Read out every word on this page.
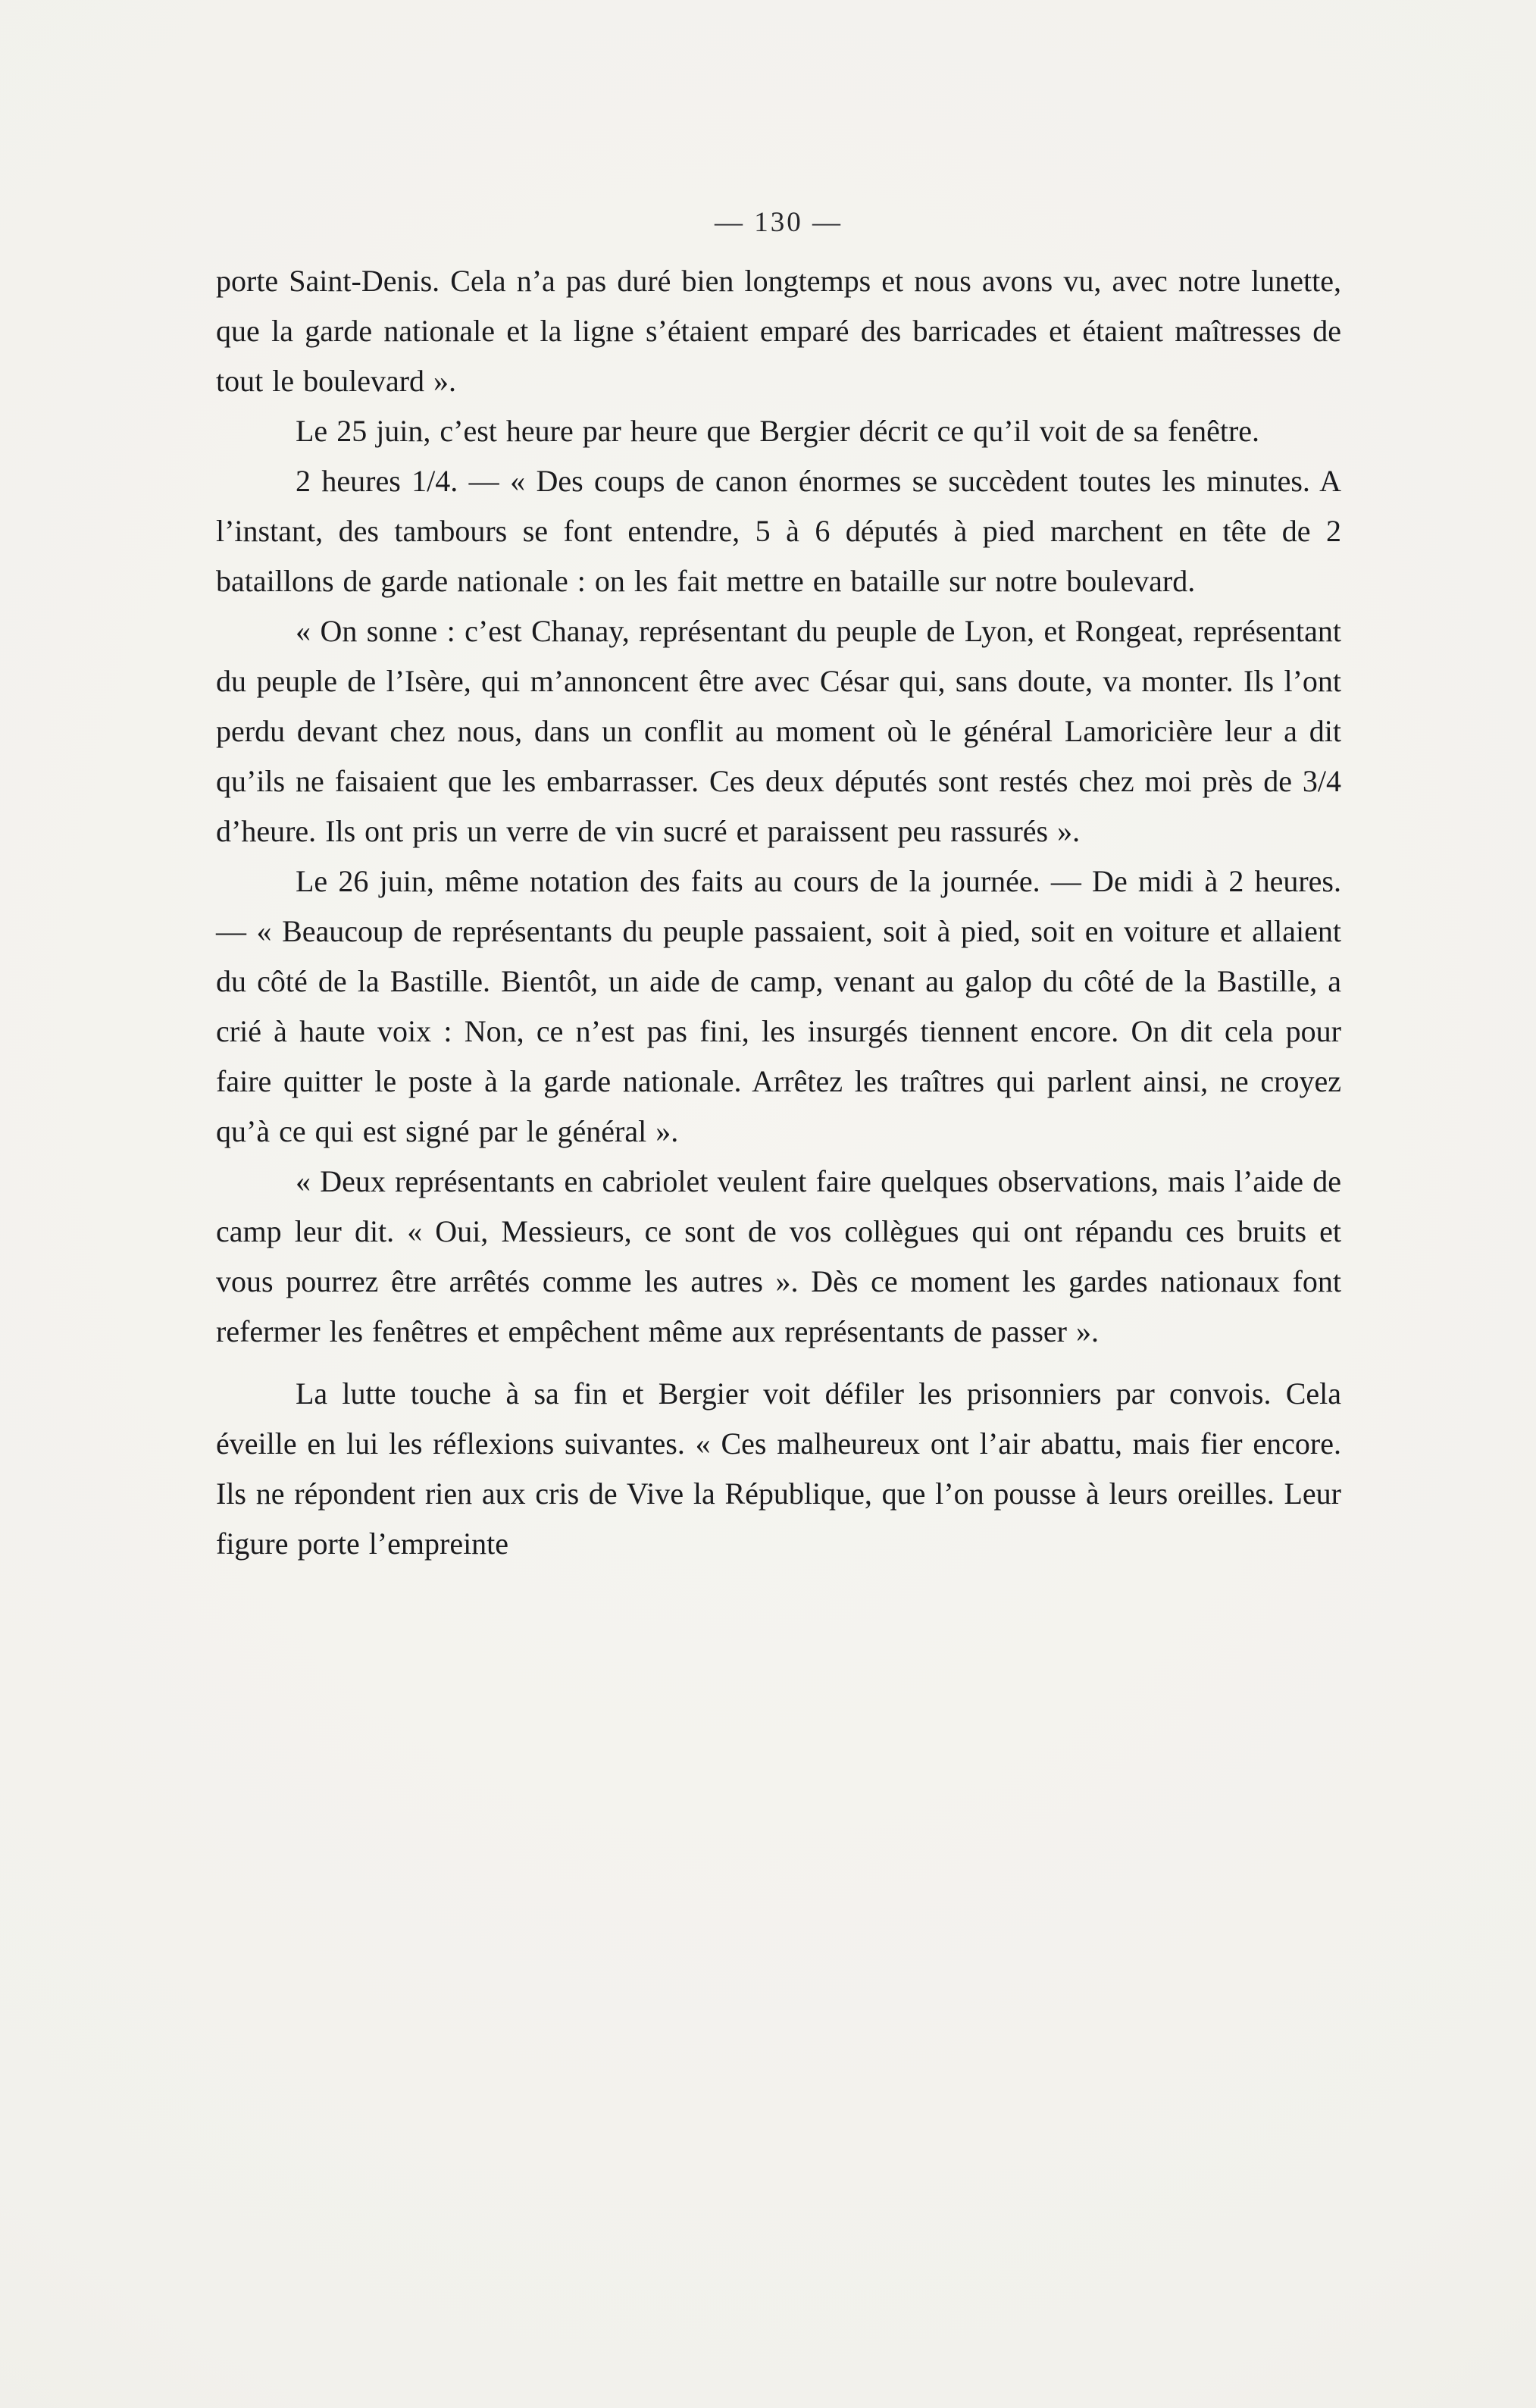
— 130 —

porte Saint-Denis. Cela n’a pas duré bien longtemps et nous avons vu, avec notre lunette, que la garde nationale et la ligne s’étaient emparé des barricades et étaient maîtresses de tout le boulevard ».

Le 25 juin, c’est heure par heure que Bergier décrit ce qu’il voit de sa fenêtre.

2 heures 1/4. — « Des coups de canon énormes se succèdent toutes les minutes. A l’instant, des tambours se font entendre, 5 à 6 députés à pied marchent en tête de 2 bataillons de garde nationale : on les fait mettre en bataille sur notre boulevard.

« On sonne : c’est Chanay, représentant du peuple de Lyon, et Rongeat, représentant du peuple de l’Isère, qui m’annoncent être avec César qui, sans doute, va monter. Ils l’ont perdu devant chez nous, dans un conflit au moment où le général Lamoricière leur a dit qu’ils ne faisaient que les embarrasser. Ces deux députés sont restés chez moi près de 3/4 d’heure. Ils ont pris un verre de vin sucré et paraissent peu rassurés ».

Le 26 juin, même notation des faits au cours de la journée. — De midi à 2 heures. — « Beaucoup de représentants du peuple passaient, soit à pied, soit en voiture et allaient du côté de la Bastille. Bientôt, un aide de camp, venant au galop du côté de la Bastille, a crié à haute voix : Non, ce n’est pas fini, les insurgés tiennent encore. On dit cela pour faire quitter le poste à la garde nationale. Arrêtez les traîtres qui parlent ainsi, ne croyez qu’à ce qui est signé par le général ».

« Deux représentants en cabriolet veulent faire quelques observations, mais l’aide de camp leur dit. « Oui, Messieurs, ce sont de vos collègues qui ont répandu ces bruits et vous pourrez être arrêtés comme les autres ». Dès ce moment les gardes nationaux font refermer les fenêtres et empêchent même aux représentants de passer ».

La lutte touche à sa fin et Bergier voit défiler les prisonniers par convois. Cela éveille en lui les réflexions suivantes. « Ces malheureux ont l’air abattu, mais fier encore. Ils ne répondent rien aux cris de Vive la République, que l’on pousse à leurs oreilles. Leur figure porte l’empreinte
